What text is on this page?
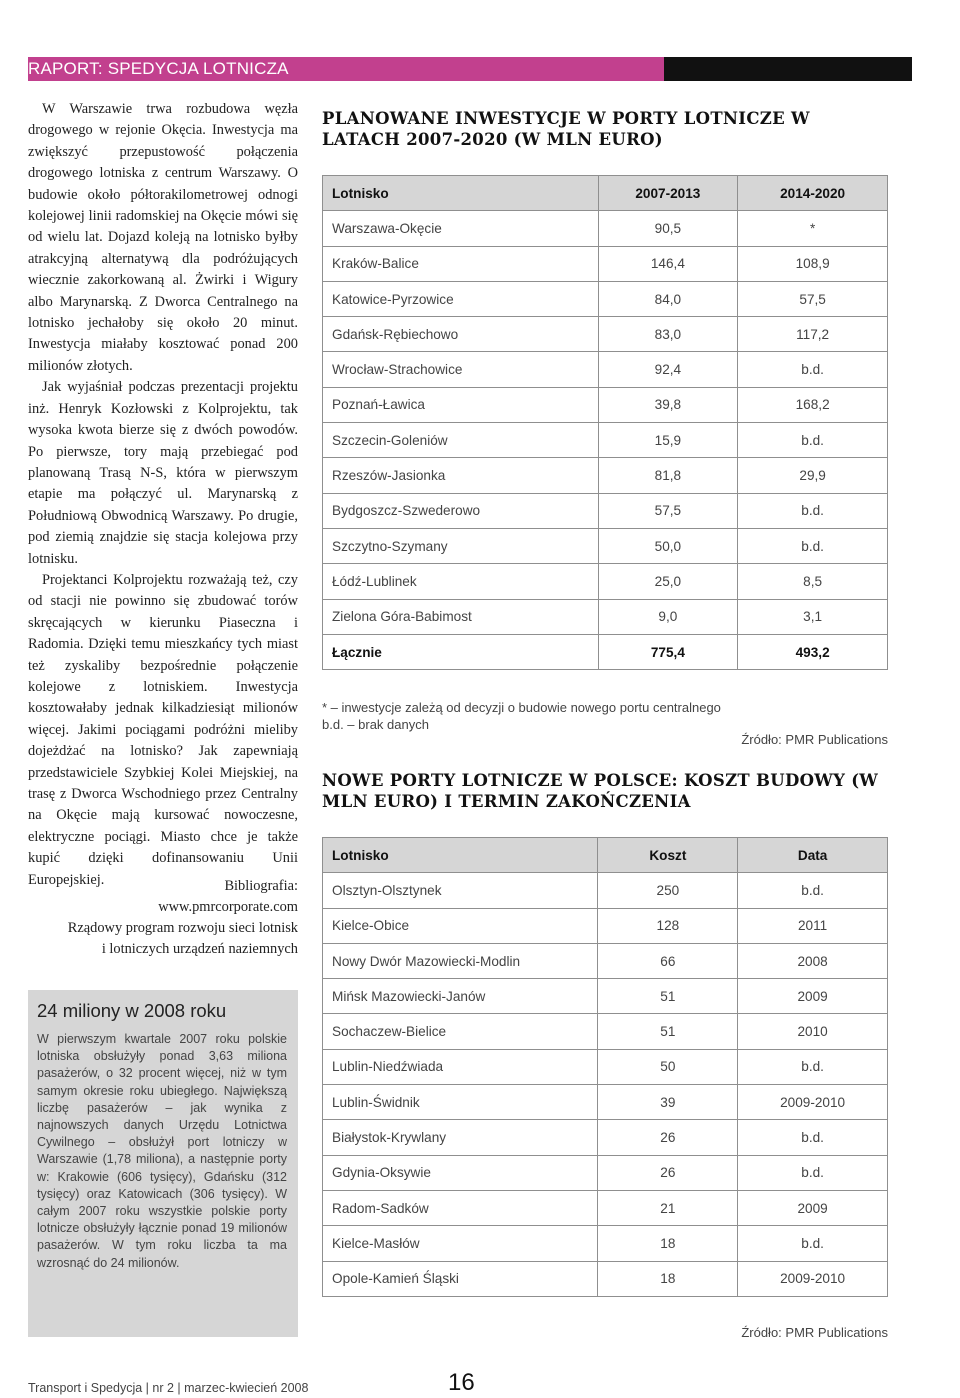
RAPORT: SPEDYCJA LOTNICZA

W Warszawie trwa rozbudowa węzła drogowego w rejonie Okęcia. Inwestycja ma zwiększyć przepustowość połączenia drogowego lotniska z centrum Warszawy. O budowie około półtorakilometrowej odnogi kolejowej linii radomskiej na Okęcie mówi się od wielu lat. Dojazd koleją na lotnisko byłby atrakcyjną alternatywą dla podróżujących wiecznie zakorkowaną al. Żwirki i Wigury albo Marynarską. Z Dworca Centralnego na lotnisko jechałoby się około 20 minut. Inwestycja miałaby kosztować ponad 200 milionów złotych.

Jak wyjaśniał podczas prezentacji projektu inż. Henryk Kozłowski z Kolprojektu, tak wysoka kwota bierze się z dwóch powodów. Po pierwsze, tory mają przebiegać pod planowaną Trasą N-S, która w pierwszym etapie ma połączyć ul. Marynarską z Południową Obwodnicą Warszawy. Po drugie, pod ziemią znajdzie się stacja kolejowa przy lotnisku.

Projektanci Kolprojektu rozważają też, czy od stacji nie powinno się zbudować torów skręcających w kierunku Piaseczna i Radomia. Dzięki temu mieszkańcy tych miast też zyskaliby bezpośrednie połączenie kolejowe z lotniskiem. Inwestycja kosztowałaby jednak kilkadziesiąt milionów więcej. Jakimi pociągami podróżni mieliby dojeżdżać na lotnisko? Jak zapewniają przedstawiciele Szybkiej Kolei Miejskiej, na trasę z Dworca Wschodniego przez Centralny na Okęcie mają kursować nowoczesne, elektryczne pociągi. Miasto chce je także kupić dzięki dofinansowaniu Unii Europejskiej.	Bibliografia:
www.pmrcorporate.com
Rządowy program rozwoju sieci lotnisk
i lotniczych urządzeń naziemnych
24 miliony w 2008 roku
W pierwszym kwartale 2007 roku polskie lotniska obsłużyły ponad 3,63 miliona pasażerów, o 32 procent więcej, niż w tym samym okresie roku ubiegłego. Największą liczbę pasażerów – jak wynika z najnowszych danych Urzędu Lotnictwa Cywilnego – obsłużył port lotniczy w Warszawie (1,78 miliona), a następnie porty w: Krakowie (606 tysięcy), Gdańsku (312 tysięcy) oraz Katowicach (306 tysięcy). W całym 2007 roku wszystkie polskie porty lotnicze obsłużyły łącznie ponad 19 milionów pasażerów. W tym roku liczba ta ma wzrosnąć do 24 milionów.
PLANOWANE INWESTYCJE W PORTY LOTNICZE W LATACH 2007-2020 (W MLN EURO)
Lotnisko	2007-2013	2014-2020
Warszawa-Okęcie	90,5	*
Kraków-Balice	146,4	108,9
Katowice-Pyrzowice	84,0	57,5
Gdańsk-Rębiechowo	83,0	117,2
Wrocław-Strachowice	92,4	b.d.
Poznań-Ławica	39,8	168,2
Szczecin-Goleniów	15,9	b.d.
Rzeszów-Jasionka	81,8	29,9
Bydgoszcz-Szwederowo	57,5	b.d.
Szczytno-Szymany	50,0	b.d.
Łódź-Lublinek	25,0	8,5
Zielona Góra-Babimost	9,0	3,1
Łącznie	775,4	493,2
* – inwestycje zależą od decyzji o budowie nowego portu centralnego
b.d. – brak danych
Źródło: PMR Publications
NOWE PORTY LOTNICZE W POLSCE: KOSZT BUDOWY (W MLN EURO) I TERMIN ZAKOŃCZENIA
Lotnisko	Koszt	Data
Olsztyn-Olsztynek	250	b.d.
Kielce-Obice	128	2011
Nowy Dwór Mazowiecki-Modlin	66	2008
Mińsk Mazowiecki-Janów	51	2009
Sochaczew-Bielice	51	2010
Lublin-Niedźwiada	50	b.d.
Lublin-Świdnik	39	2009-2010
Białystok-Krywlany	26	b.d.
Gdynia-Oksywie	26	b.d.
Radom-Sadków	21	2009
Kielce-Masłów	18	b.d.
Opole-Kamień Śląski	18	2009-2010
Źródło: PMR Publications
Transport i Spedycja | nr 2 | marzec-kwiecień 2008	16
